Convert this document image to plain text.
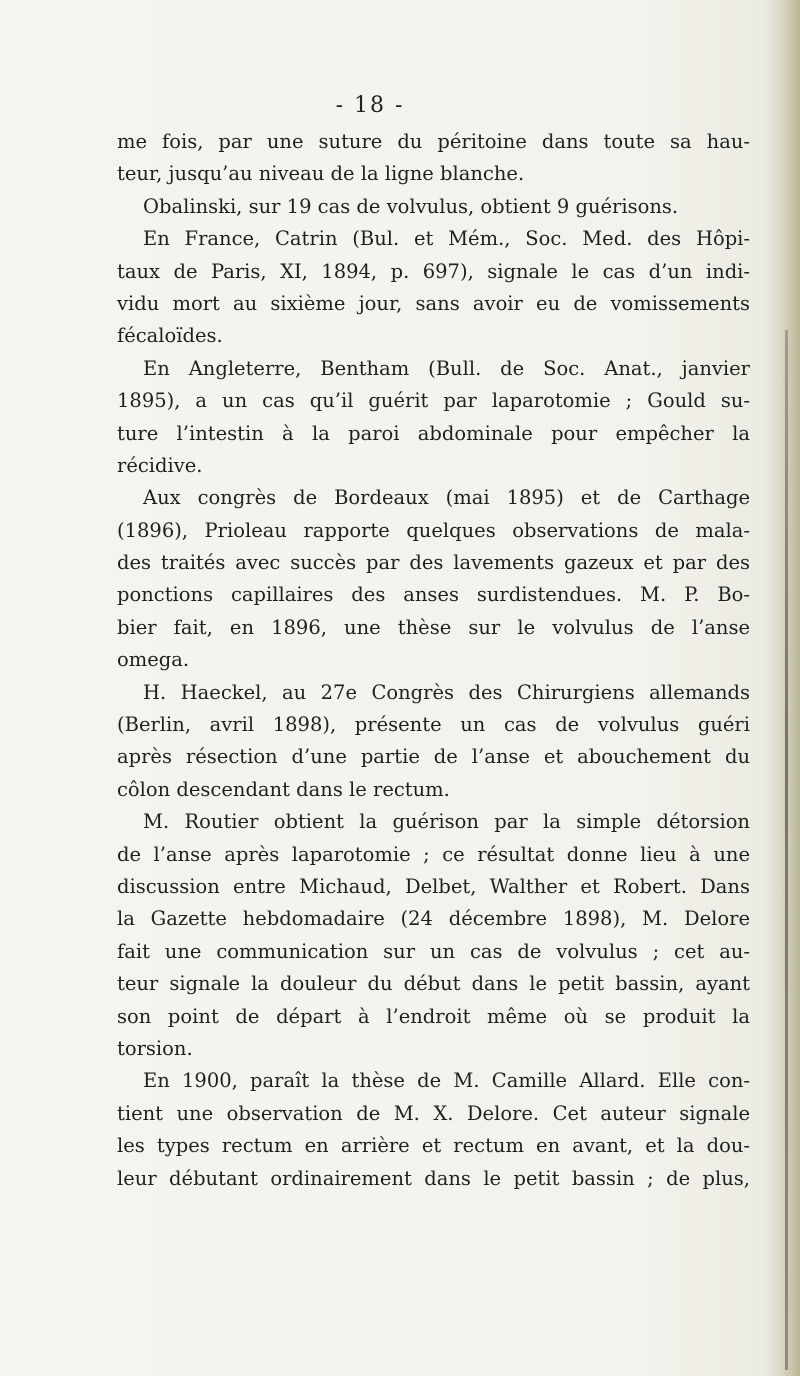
- 18 -
me fois, par une suture du péritoine dans toute sa hau-
teur, jusqu’au niveau de la ligne blanche.
Obalinski, sur 19 cas de volvulus, obtient 9 guérisons.
En France, Catrin (Bul. et Mém., Soc. Med. des Hôpi-
taux de Paris, XI, 1894, p. 697), signale le cas d’un indi-
vidu mort au sixième jour, sans avoir eu de vomissements
fécaloïdes.
En Angleterre, Bentham (Bull. de Soc. Anat., janvier
1895), a un cas qu’il guérit par laparotomie ; Gould su-
ture l’intestin à la paroi abdominale pour empêcher la
récidive.
Aux congrès de Bordeaux (mai 1895) et de Carthage
(1896), Prioleau rapporte quelques observations de mala-
des traités avec succès par des lavements gazeux et par des
ponctions capillaires des anses surdistendues. M. P. Bo-
bier fait, en 1896, une thèse sur le volvulus de l’anse
omega.
H. Haeckel, au 27e Congrès des Chirurgiens allemands
(Berlin, avril 1898), présente un cas de volvulus guéri
après résection d’une partie de l’anse et abouchement du
côlon descendant dans le rectum.
M. Routier obtient la guérison par la simple détorsion
de l’anse après laparotomie ; ce résultat donne lieu à une
discussion entre Michaud, Delbet, Walther et Robert. Dans
la Gazette hebdomadaire (24 décembre 1898), M. Delore
fait une communication sur un cas de volvulus ; cet au-
teur signale la douleur du début dans le petit bassin, ayant
son point de départ à l’endroit même où se produit la
torsion.
En 1900, paraît la thèse de M. Camille Allard. Elle con-
tient une observation de M. X. Delore. Cet auteur signale
les types rectum en arrière et rectum en avant, et la dou-
leur débutant ordinairement dans le petit bassin ; de plus,
